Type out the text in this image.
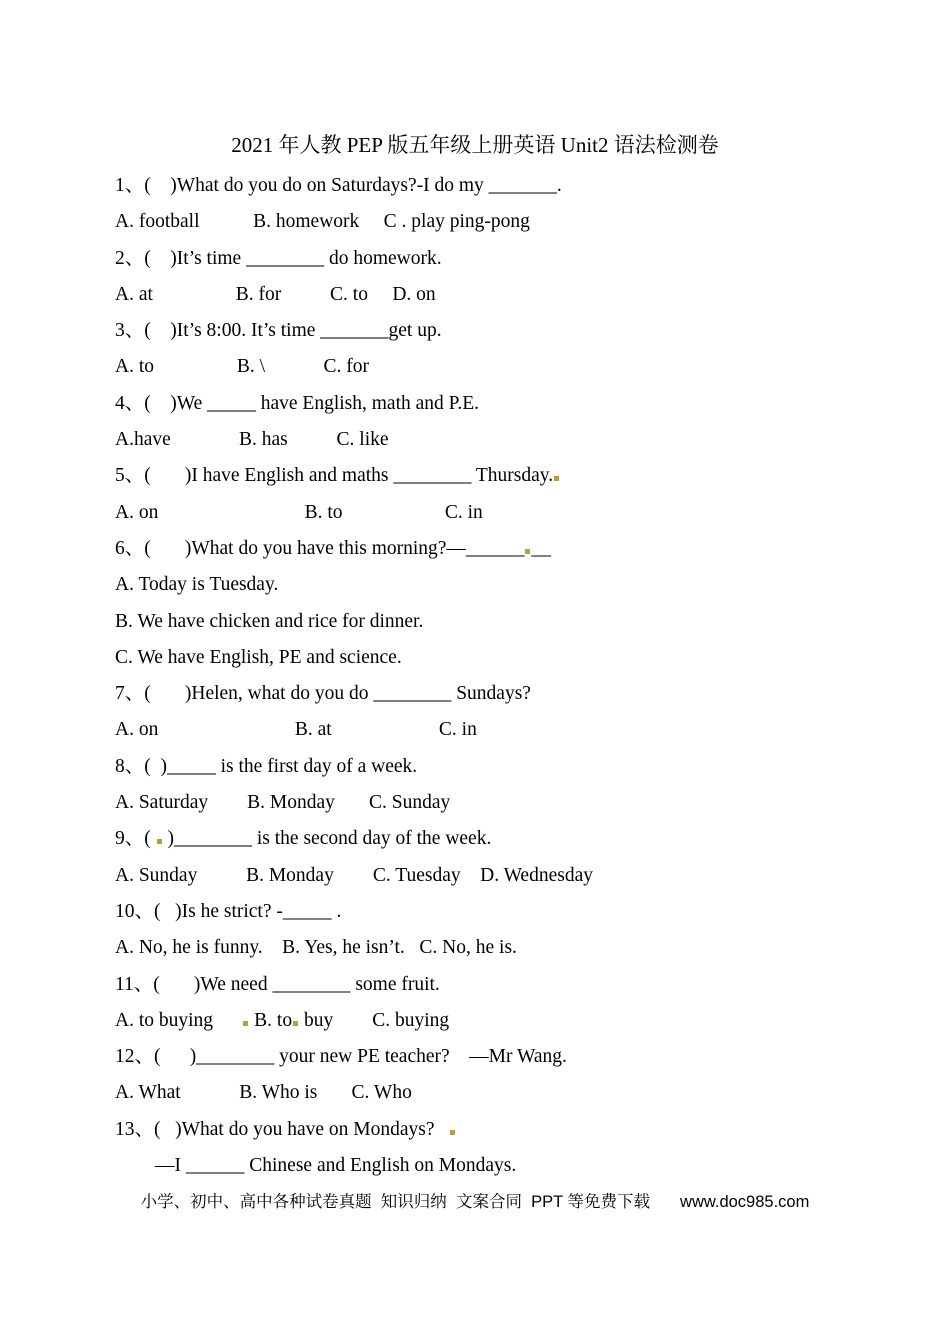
2021 年人教 PEP 版五年级上册英语 Unit2 语法检测卷
1、(    )What do you do on Saturdays?-I do my _______.
A. football           B. homework     C . play ping-pong
2、(    )It’s time ________ do homework.
A. at                 B. for          C. to     D. on
3、(    )It’s 8:00. It’s time _______get up.
A. to                 B. \            C. for
4、(    )We _____ have English, math and P.E.
A.have              B. has          C. like
5、(       )I have English and maths ________ Thursday.
A. on                              B. to                     C. in
6、(       )What do you have this morning?—______ __
A. Today is Tuesday.
B. We have chicken and rice for dinner.
C. We have English, PE and science.
7、(       )Helen, what do you do ________ Sundays?
A. on                            B. at                      C. in
8、(  )_____ is the first day of a week.
A. Saturday        B. Monday       C. Sunday
9、(  )________ is the second day of the week.
A. Sunday          B. Monday        C. Tuesday    D. Wednesday
10、(   )Is he strict? -_____ .
A. No, he is funny.    B. Yes, he isn’t.   C. No, he is.
11、(       )We need ________ some fruit.
A. to buying       B. to buy        C. buying
12、(      )________ your new PE teacher?    —Mr Wang.
A. What            B. Who is       C. Who
13、(   )What do you have on Mondays?
—I ______ Chinese and English on Mondays.
小学、初中、高中各种试卷真题  知识归纳  文案合同  PPT 等免费下载 www.doc985.com
